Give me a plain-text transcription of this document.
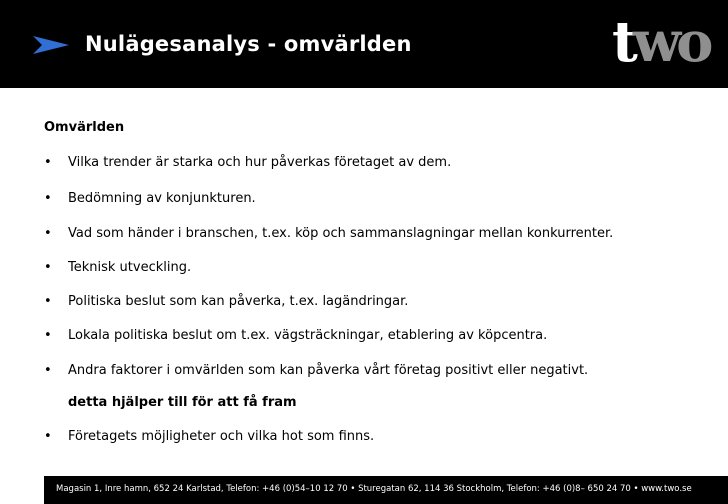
Nulägesanalys - omvärlden	two
Omvärlden
• Vilka trender är starka och hur påverkas företaget av dem.
• Bedömning av konjunkturen.
• Vad som händer i branschen, t.ex. köp och sammanslagningar mellan konkurrenter.
• Teknisk utveckling.
• Politiska beslut som kan påverka, t.ex. lagändringar.
• Lokala politiska beslut om t.ex. vägsträckningar, etablering av köpcentra.
• Andra faktorer i omvärlden som kan påverka vårt företag positivt eller negativt.
detta hjälper till för att få fram
• Företagets möjligheter och vilka hot som finns.
Magasin 1, Inre hamn, 652 24 Karlstad, Telefon: +46 (0)54–10 12 70 • Sturegatan 62, 114 36 Stockholm, Telefon: +46 (0)8– 650 24 70 • www.two.se
